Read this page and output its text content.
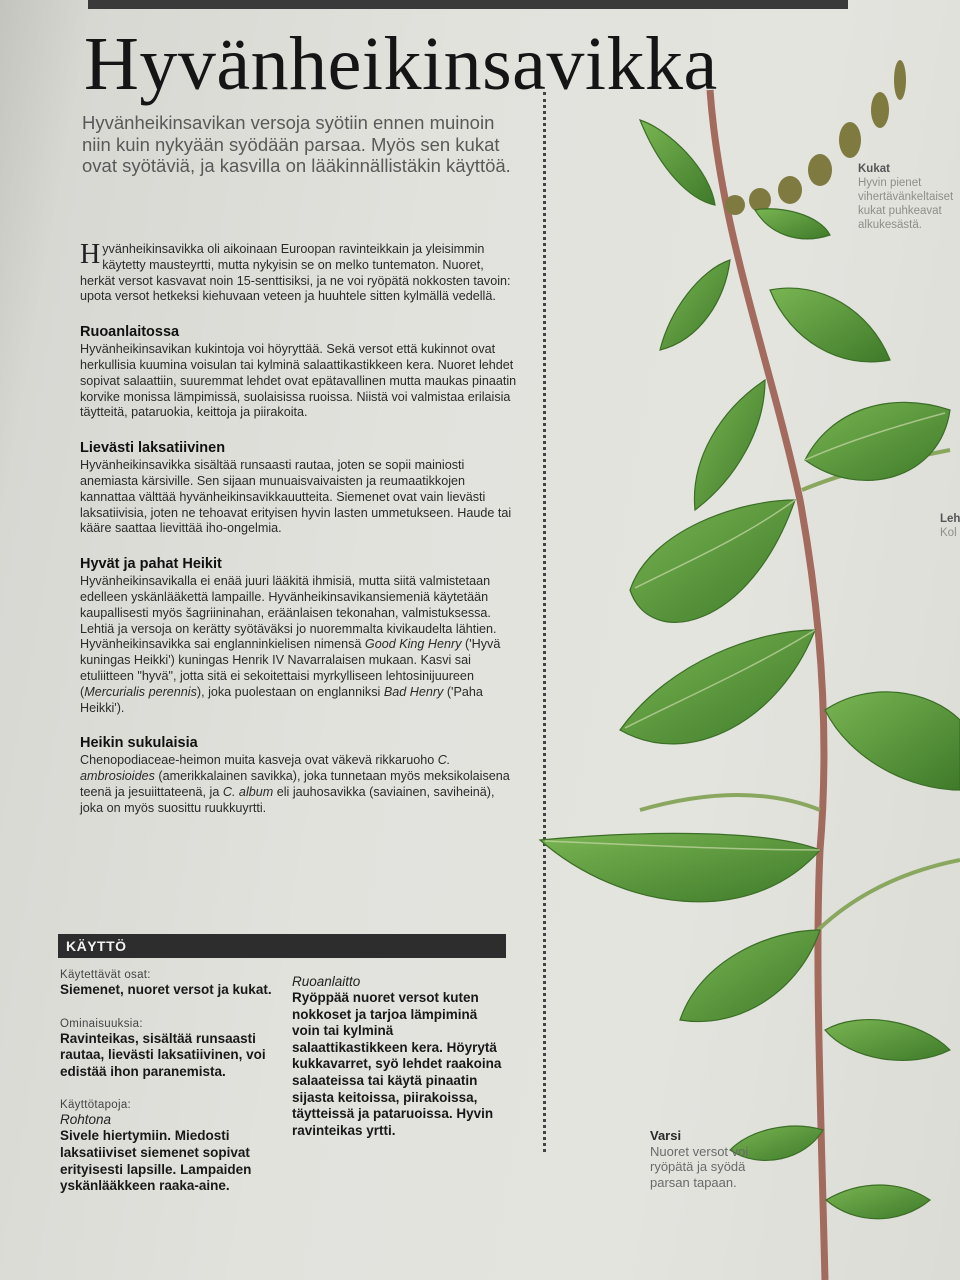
Hyvänheikinsavikka
Hyvänheikinsavikan versoja syötiin ennen muinoin niin kuin nykyään syödään parsaa. Myös sen kukat ovat syötäviä, ja kasvilla on lääkinnällistäkin käyttöä.

Hyvänheikinsavikka oli aikoinaan Euroopan ravinteikkain ja yleisimmin käytetty mausteyrtti, mutta nykyisin se on melko tuntematon. Nuoret, herkät versot kasvavat noin 15-senttisiksi, ja ne voi ryöpätä nokkosten tavoin: upota versot hetkeksi kiehuvaan veteen ja huuhtele sitten kylmällä vedellä.

Ruoanlaitossa

Hyvänheikinsavikan kukintoja voi höyryttää. Sekä versot että kukinnot ovat herkullisia kuumina voisulan tai kylminä salaattikastikkeen kera. Nuoret lehdet sopivat salaattiin, suuremmat lehdet ovat epätavallinen mutta maukas pinaatin korvike monissa lämpimissä, suolaisissa ruoissa. Niistä voi valmistaa erilaisia täytteitä, pataruokia, keittoja ja piirakoita.

Lievästi laksatiivinen

Hyvänheikinsavikka sisältää runsaasti rautaa, joten se sopii mainiosti anemiasta kärsiville. Sen sijaan munuaisvaivaisten ja reumaatikkojen kannattaa välttää hyvänheikinsavikkauutteita. Siemenet ovat vain lievästi laksatiivisia, joten ne tehoavat erityisen hyvin lasten ummetukseen. Haude tai kääre saattaa lievittää iho-ongelmia.

Hyvät ja pahat Heikit

Hyvänheikinsavikalla ei enää juuri lääkitä ihmisiä, mutta siitä valmistetaan edelleen yskänlääkettä lampaille. Hyvänheikinsavikansiemeniä käytetään kaupallisesti myös šagriininahan, eräänlaisen tekonahan, valmistuksessa. Lehtiä ja versoja on kerätty syötäväksi jo nuoremmalta kivikaudelta lähtien. Hyvänheikinsavikka sai englanninkielisen nimensä Good King Henry ('Hyvä kuningas Heikki') kuningas Henrik IV Navarralaisen mukaan. Kasvi sai etuliitteen "hyvä", jotta sitä ei sekoitettaisi myrkylliseen lehtosinijuureen (Mercurialis perennis), joka puolestaan on englanniksi Bad Henry ('Paha Heikki').

Heikin sukulaisia

Chenopodiaceae-heimon muita kasveja ovat väkevä rikkaruoho C. ambrosioides (amerikkalainen savikka), joka tunnetaan myös meksikolaisena teenä ja jesuiittateenä, ja C. album eli jauhosavikka (saviainen, saviheinä), joka on myös suosittu ruukkuyrtti.

KÄYTTÖ
Käytettävät osat:
Siemenet, nuoret versot ja kukat.
Ominaisuuksia:
Ravinteikas, sisältää runsaasti rautaa, lievästi laksatiivinen, voi edistää ihon paranemista.
Käyttötapoja:
Rohtona
Sivele hiertymiin. Miedosti laksatiiviset siemenet sopivat erityisesti lapsille. Lampaiden yskänlääkkeen raaka-aine.
Ruoanlaitto
Ryöppää nuoret versot kuten nokkoset ja tarjoa lämpiminä voin tai kylminä salaattikastikkeen kera. Höyrytä kukkavarret, syö lehdet raakoina salaateissa tai käytä pinaatin sijasta keitoissa, piirakoissa, täytteissä ja pataruoissa. Hyvin ravinteikas yrtti.
Kukat
Hyvin pienet
vihertävänkeltaiset
kukat puhkeavat
alkukesästä.
Leh
Kol
Varsi
Nuoret versot voi ryöpätä ja syödä parsan tapaan.
